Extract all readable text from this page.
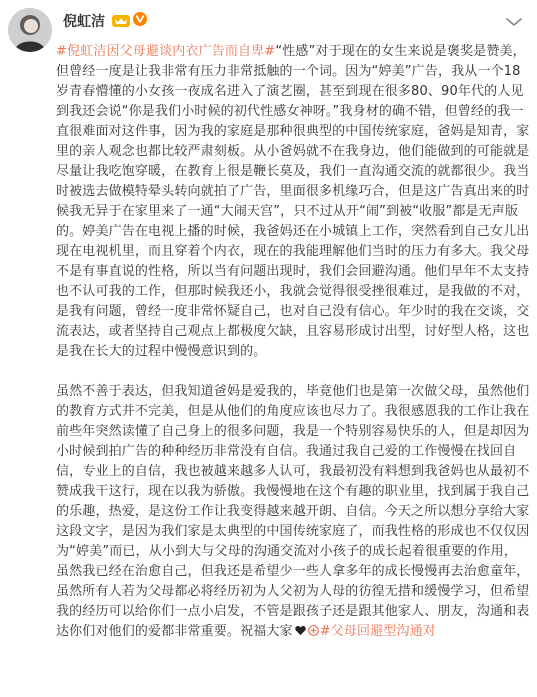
倪虹洁

#倪虹洁因父母避谈内衣广告而自卑#“性感”对于现在的女生来说是褒奖是赞美，但曾经一度是让我非常有压力非常抵触的一个词。因为“婷美”广告，我从一个18岁青春懵懂的小女孩一夜成名进入了演艺圈，甚至到现在很多80、90年代的人见到我还会说“你是我们小时候的初代性感女神呀。”我身材的确不错，但曾经的我一直很难面对这件事，因为我的家庭是那种很典型的中国传统家庭，爸妈是知青，家里的亲人观念也都比较严肃刻板。从小爸妈就不在我身边，他们能做到的可能就是尽量让我吃饱穿暖，在教育上很是鞭长莫及，我们一直沟通交流的就都很少。我当时被选去做模特晕头转向就拍了广告，里面很多机缘巧合，但是这广告真出来的时候我无异于在家里来了一通“大闹天宫”，只不过从开“闹”到被“收服”都是无声版的。婷美广告在电视上播的时候，我爸妈还在小城镇上工作，突然看到自己女儿出现在电视机里，而且穿着个内衣，现在的我能理解他们当时的压力有多大。我父母不是有事直说的性格，所以当有问题出现时，我们会回避沟通。他们早年不太支持也不认可我的工作，但那时候我还小，我就会觉得很受挫很难过，是我做的不对，是我有问题，曾经一度非常怀疑自己，也对自己没有信心。年少时的我在交谈，交流表达，或者坚持自己观点上都极度欠缺，且容易形成讨出型，讨好型人格，这也是我在长大的过程中慢慢意识到的。

虽然不善于表达，但我知道爸妈是爱我的，毕竟他们也是第一次做父母，虽然他们的教育方式并不完美，但是从他们的角度应该也尽力了。我很感恩我的工作让我在前些年突然读懂了自己身上的很多问题，我是一个特别容易快乐的人，但是却因为小时候到拍广告的种种经历非常没有自信。我通过我自己爱的工作慢慢在找回自信，专业上的自信，我也被越来越多人认可，我最初没有料想到我爸妈也从最初不赞成我干这行，现在以我为骄傲。我慢慢地在这个有趣的职业里，找到属于我自己的乐趣，热爱，是这份工作让我变得越来越开朗、自信。今天之所以想分享给大家这段文字，是因为我们家是太典型的中国传统家庭了，而我性格的形成也不仅仅因为“婷美”而已，从小到大与父母的沟通交流对小孩子的成长起着很重要的作用，虽然我已经在治愈自己，但我还是希望少一些人拿多年的成长慢慢再去治愈童年，虽然所有人若为父母都必将经历初为人父初为人母的彷徨无措和缓慢学习，但希望我的经历可以给你们一点小启发，不管是跟孩子还是跟其他家人、朋友，沟通和表达你们对他们的爱都非常重要。祝福大家 #父母回避型沟通对
